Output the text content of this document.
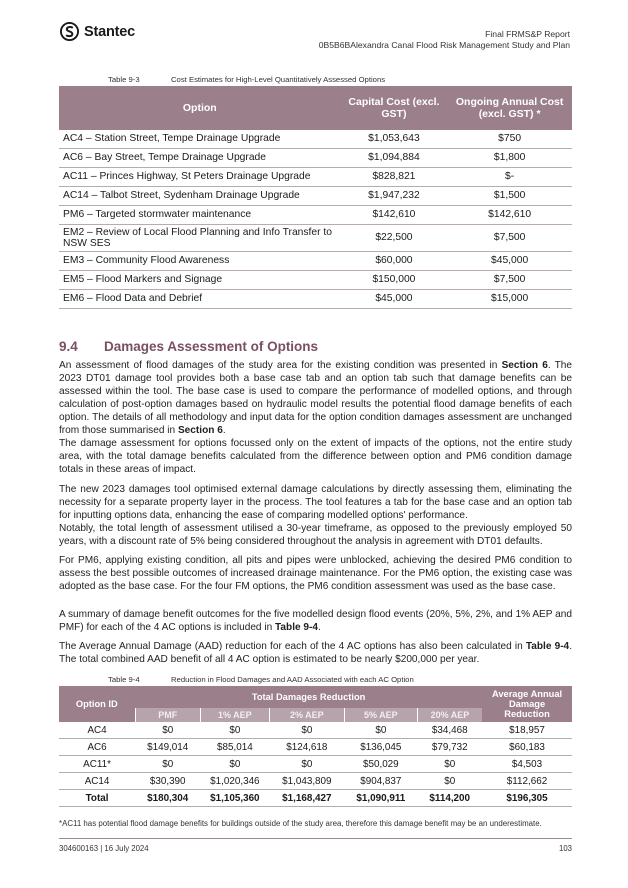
Stantec	Final FRMS&P Report
0B5B6BAlexandra Canal Flood Risk Management Study and Plan
Table 9-3	Cost Estimates for High-Level Quantitatively Assessed Options
Option	Capital Cost (excl. GST)	Ongoing Annual Cost (excl. GST) *
AC4 – Station Street, Tempe Drainage Upgrade	$1,053,643	$750
AC6 – Bay Street, Tempe Drainage Upgrade	$1,094,884	$1,800
AC11 – Princes Highway, St Peters Drainage Upgrade	$828,821	$-
AC14 – Talbot Street, Sydenham Drainage Upgrade	$1,947,232	$1,500
PM6 – Targeted stormwater maintenance	$142,610	$142,610
EM2 – Review of Local Flood Planning and Info Transfer to NSW SES	$22,500	$7,500
EM3 – Community Flood Awareness	$60,000	$45,000
EM5 – Flood Markers and Signage	$150,000	$7,500
EM6 – Flood Data and Debrief	$45,000	$15,000
9.4 Damages Assessment of Options
An assessment of flood damages of the study area for the existing condition was presented in Section 6. The 2023 DT01 damage tool provides both a base case tab and an option tab such that damage benefits can be assessed within the tool. The base case is used to compare the performance of modelled options, and through calculation of post-option damages based on hydraulic model results the potential flood damage benefits of each option. The details of all methodology and input data for the option condition damages assessment are unchanged from those summarised in Section 6.
The damage assessment for options focussed only on the extent of impacts of the options, not the entire study area, with the total damage benefits calculated from the difference between option and PM6 condition damage totals in these areas of impact.
The new 2023 damages tool optimised external damage calculations by directly assessing them, eliminating the necessity for a separate property layer in the process. The tool features a tab for the base case and an option tab for inputting options data, enhancing the ease of comparing modelled options' performance.
Notably, the total length of assessment utilised a 30-year timeframe, as opposed to the previously employed 50 years, with a discount rate of 5% being considered throughout the analysis in agreement with DT01 defaults.
For PM6, applying existing condition, all pits and pipes were unblocked, achieving the desired PM6 condition to assess the best possible outcomes of increased drainage maintenance. For the PM6 option, the existing case was adopted as the base case. For the four FM options, the PM6 condition assessment was used as the base case.
A summary of damage benefit outcomes for the five modelled design flood events (20%, 5%, 2%, and 1% AEP and PMF) for each of the 4 AC options is included in Table 9-4.
The Average Annual Damage (AAD) reduction for each of the 4 AC options has also been calculated in Table 9-4. The total combined AAD benefit of all 4 AC option is estimated to be nearly $200,000 per year.
Table 9-4	Reduction in Flood Damages and AAD Associated with each AC Option
Option ID	Total Damages Reduction					Average Annual Damage Reduction
	PMF	1% AEP	2% AEP	5% AEP	20% AEP	
AC4	$0	$0	$0	$0	$34,468	$18,957
AC6	$149,014	$85,014	$124,618	$136,045	$79,732	$60,183
AC11*	$0	$0	$0	$50,029	$0	$4,503
AC14	$30,390	$1,020,346	$1,043,809	$904,837	$0	$112,662
Total	$180,304	$1,105,360	$1,168,427	$1,090,911	$114,200	$196,305
*AC11 has potential flood damage benefits for buildings outside of the study area, therefore this damage benefit may be an underestimate.
304600163 | 16 July 2024	103
